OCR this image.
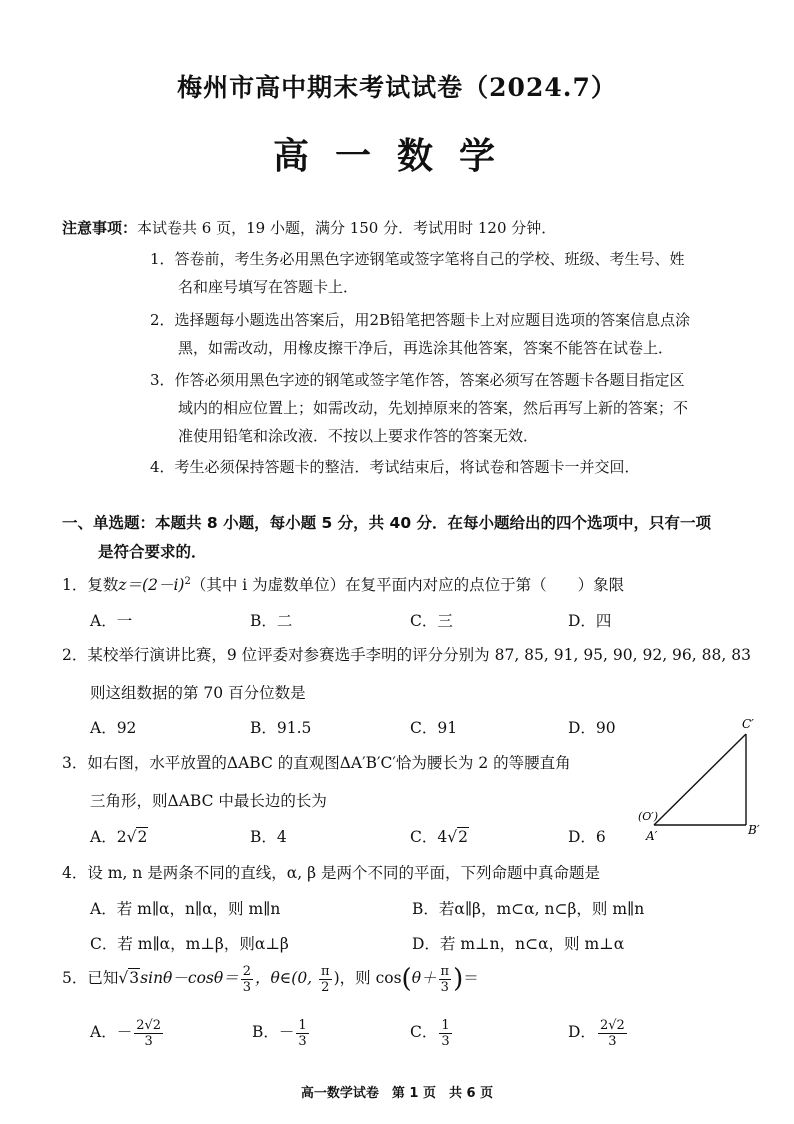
梅州市高中期末考试试卷（2024.7）
高一数学
注意事项：本试卷共 6 页，19 小题，满分 150 分．考试用时 120 分钟．
1．答卷前，考生务必用黑色字迹钢笔或签字笔将自己的学校、班级、考生号、姓
名和座号填写在答题卡上．
2．选择题每小题选出答案后，用2B铅笔把答题卡上对应题目选项的答案信息点涂
黑，如需改动，用橡皮擦干净后，再选涂其他答案，答案不能答在试卷上．
3．作答必须用黑色字迹的钢笔或签字笔作答，答案必须写在答题卡各题目指定区
域内的相应位置上；如需改动，先划掉原来的答案，然后再写上新的答案；不
准使用铅笔和涂改液．不按以上要求作答的答案无效．
4．考生必须保持答题卡的整洁．考试结束后，将试卷和答题卡一并交回．
一、单选题：本题共 8 小题，每小题 5 分，共 40 分．在每小题给出的四个选项中，只有一项
是符合要求的．
1．复数$z=(2-i)^2$（其中 i 为虚数单位）在复平面内对应的点位于第（　　）象限
A．一	B．二	C．三	D．四
2．某校举行演讲比赛，9 位评委对参赛选手李明的评分分别为 87, 85, 91, 95, 90, 92, 96, 88, 83
则这组数据的第 70 百分位数是
A．92	B．91.5	C．91	D．90
3．如右图，水平放置的ΔABC 的直观图ΔA′B′C′恰为腰长为 2 的等腰直角
三角形，则ΔABC 中最长边的长为
A．2√2	B．4	C．4√2	D．6
C′
(O′)
A′	B′
4．设 m, n 是两条不同的直线，α, β 是两个不同的平面，下列命题中真命题是
A．若 m∥α，n∥α，则 m∥n	B．若α∥β，m⊂α, n⊂β，则 m∥n
C．若 m∥α，m⊥β，则α⊥β	D．若 m⊥n，n⊂α，则 m⊥α
5．已知$√3\sin\theta-\cos\theta= \frac{2}{3}$ ，θ∈(0, $\frac{\pi}{2}$ )，则 $\cos(\theta+ \frac{\pi}{3}$ )＝
A．－ $\frac{2√2}{3}$	B．－ $\frac{1}{3}$	C． $\frac{1}{3}$	D． $\frac{2√2}{3}$
高一数学试卷　第 1 页　共 6 页
